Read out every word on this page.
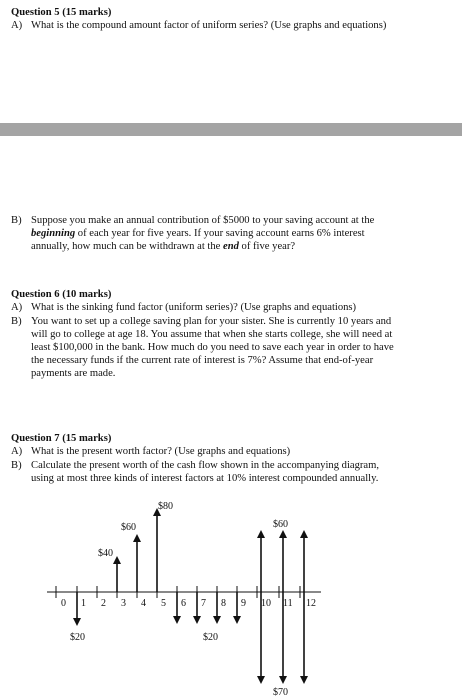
Question 5 (15 marks)
A) What is the compound amount factor of uniform series? (Use graphs and equations)
B) Suppose you make an annual contribution of $5000 to your saving account at the
beginning of each year for five years. If your saving account earns 6% interest
annually, how much can be withdrawn at the end of five year?
Question 6 (10 marks)
A) What is the sinking fund factor (uniform series)? (Use graphs and equations)
B) You want to set up a college saving plan for your sister. She is currently 10 years and
will go to college at age 18. You assume that when she starts college, she will need at
least $100,000 in the bank. How much do you need to save each year in order to have
the necessary funds if the current rate of interest is 7%? Assume that end-of-year
payments are made.
Question 7 (15 marks)
A) What is the present worth factor? (Use graphs and equations)
B) Calculate the present worth of the cash flow shown in the accompanying diagram,
using at most three kinds of interest factors at 10% interest compounded annually.
0 1 2 3 4 5 6 7 8 9 10 11 12
$80
$60
$40
$20	$20
$60
$70
